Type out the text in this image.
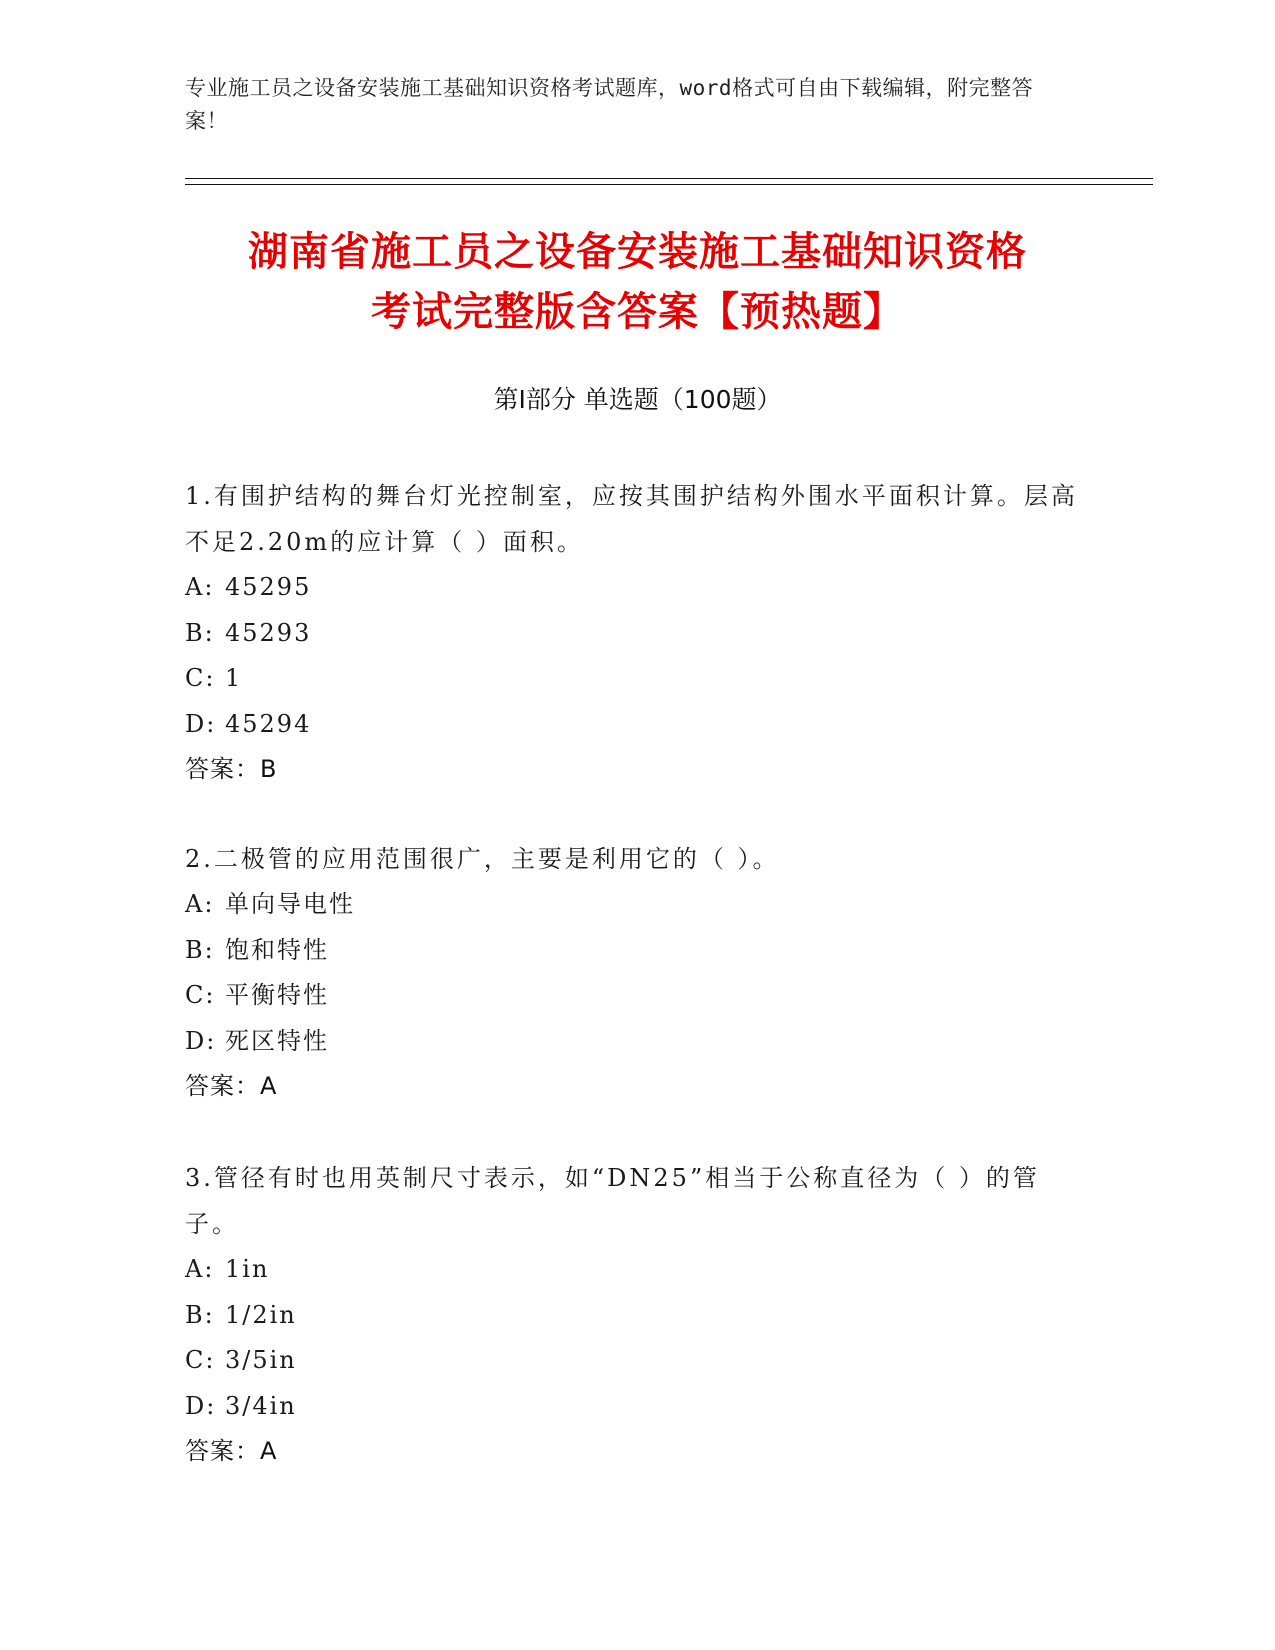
专业施工员之设备安装施工基础知识资格考试题库，word格式可自由下载编辑，附完整答案！
湖南省施工员之设备安装施工基础知识资格
考试完整版含答案【预热题】
第Ⅰ部分 单选题（100题）

1.有围护结构的舞台灯光控制室，应按其围护结构外围水平面积计算。层高不足2.20m的应计算（ ）面积。

A: 45295

B: 45293

C: 1

D: 45294

答案：B

2.二极管的应用范围很广，主要是利用它的（ ）。

A: 单向导电性

B: 饱和特性

C: 平衡特性

D: 死区特性

答案：A

3.管径有时也用英制尺寸表示，如“DN25”相当于公称直径为（ ）的管子。

A: 1in

B: 1/2in

C: 3/5in

D: 3/4in

答案：A
